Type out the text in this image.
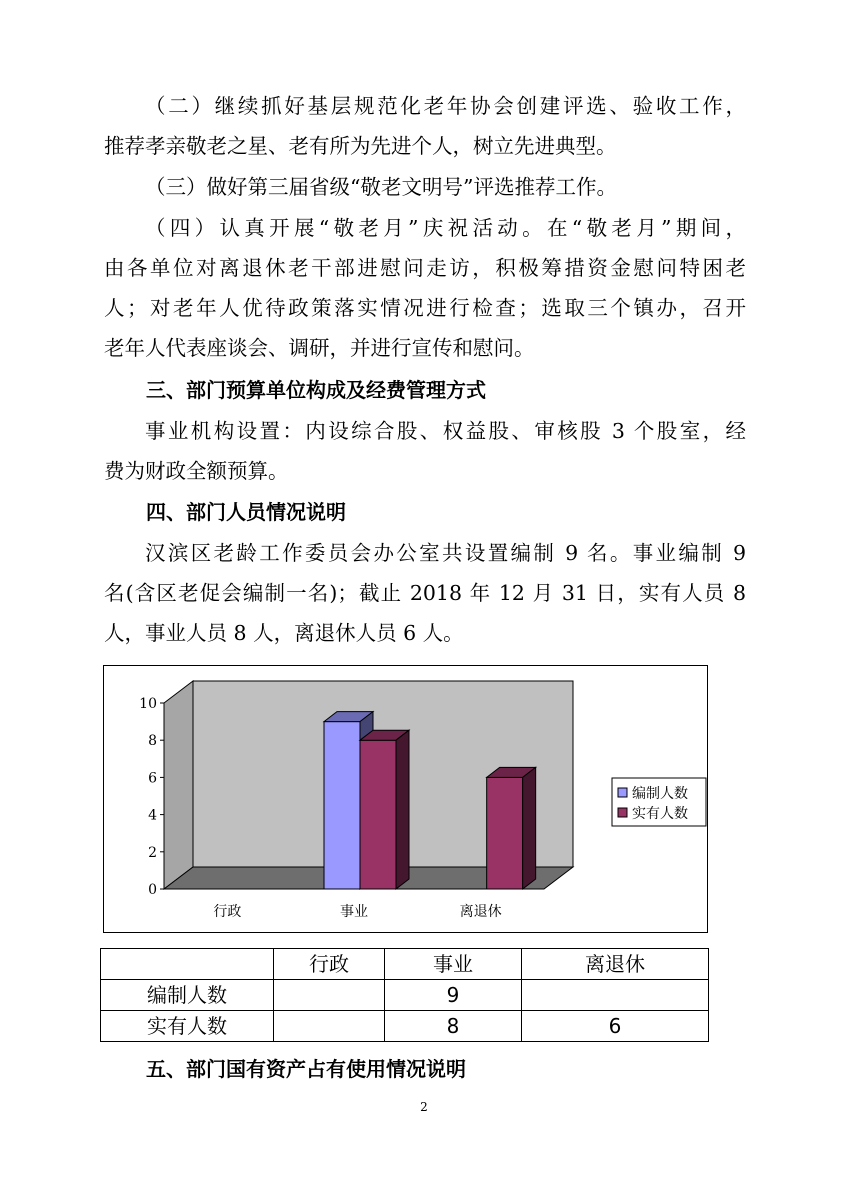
（二）继续抓好基层规范化老年协会创建评选、验收工作，
推荐孝亲敬老之星、老有所为先进个人，树立先进典型。
（三）做好第三届省级“敬老文明号”评选推荐工作。
（四）认真开展“敬老月”庆祝活动。在“敬老月”期间，
由各单位对离退休老干部进慰问走访，积极筹措资金慰问特困老
人；对老年人优待政策落实情况进行检查；选取三个镇办，召开
老年人代表座谈会、调研，并进行宣传和慰问。
三、部门预算单位构成及经费管理方式
事业机构设置：内设综合股、权益股、审核股 3 个股室，经
费为财政全额预算。
四、部门人员情况说明
汉滨区老龄工作委员会办公室共设置编制 9 名。事业编制 9
名(含区老促会编制一名)；截止 2018 年 12 月 31 日，实有人员 8
人，事业人员 8 人，离退休人员 6 人。
0
2
4
6
8
10
行政	事业	离退休
编制人数
实有人数
	行政	事业	离退休
编制人数		9	
实有人数		8	6
五、部门国有资产占有使用情况说明
2
